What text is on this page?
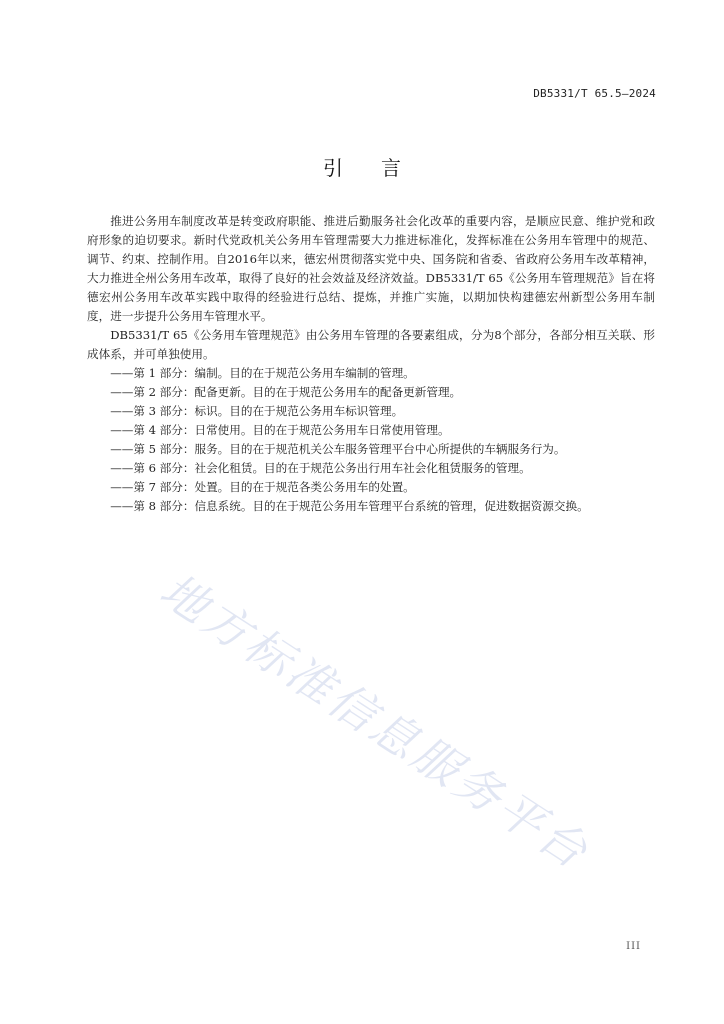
DB5331/T 65.5—2024
引言

推进公务用车制度改革是转变政府职能、推进后勤服务社会化改革的重要内容，是顺应民意、维护党和政府形象的迫切要求。新时代党政机关公务用车管理需要大力推进标准化，发挥标准在公务用车管理中的规范、调节、约束、控制作用。自2016年以来，德宏州贯彻落实党中央、国务院和省委、省政府公务用车改革精神，大力推进全州公务用车改革，取得了良好的社会效益及经济效益。DB5331/T 65《公务用车管理规范》旨在将德宏州公务用车改革实践中取得的经验进行总结、提炼，并推广实施，以期加快构建德宏州新型公务用车制度，进一步提升公务用车管理水平。

DB5331/T 65《公务用车管理规范》由公务用车管理的各要素组成，分为8个部分，各部分相互关联、形成体系，并可单独使用。

——第 1 部分：编制。目的在于规范公务用车编制的管理。
——第 2 部分：配备更新。目的在于规范公务用车的配备更新管理。
——第 3 部分：标识。目的在于规范公务用车标识管理。
——第 4 部分：日常使用。目的在于规范公务用车日常使用管理。
——第 5 部分：服务。目的在于规范机关公车服务管理平台中心所提供的车辆服务行为。
——第 6 部分：社会化租赁。目的在于规范公务出行用车社会化租赁服务的管理。
——第 7 部分：处置。目的在于规范各类公务用车的处置。
——第 8 部分：信息系统。目的在于规范公务用车管理平台系统的管理，促进数据资源交换。
地方标准信息服务平台
III
